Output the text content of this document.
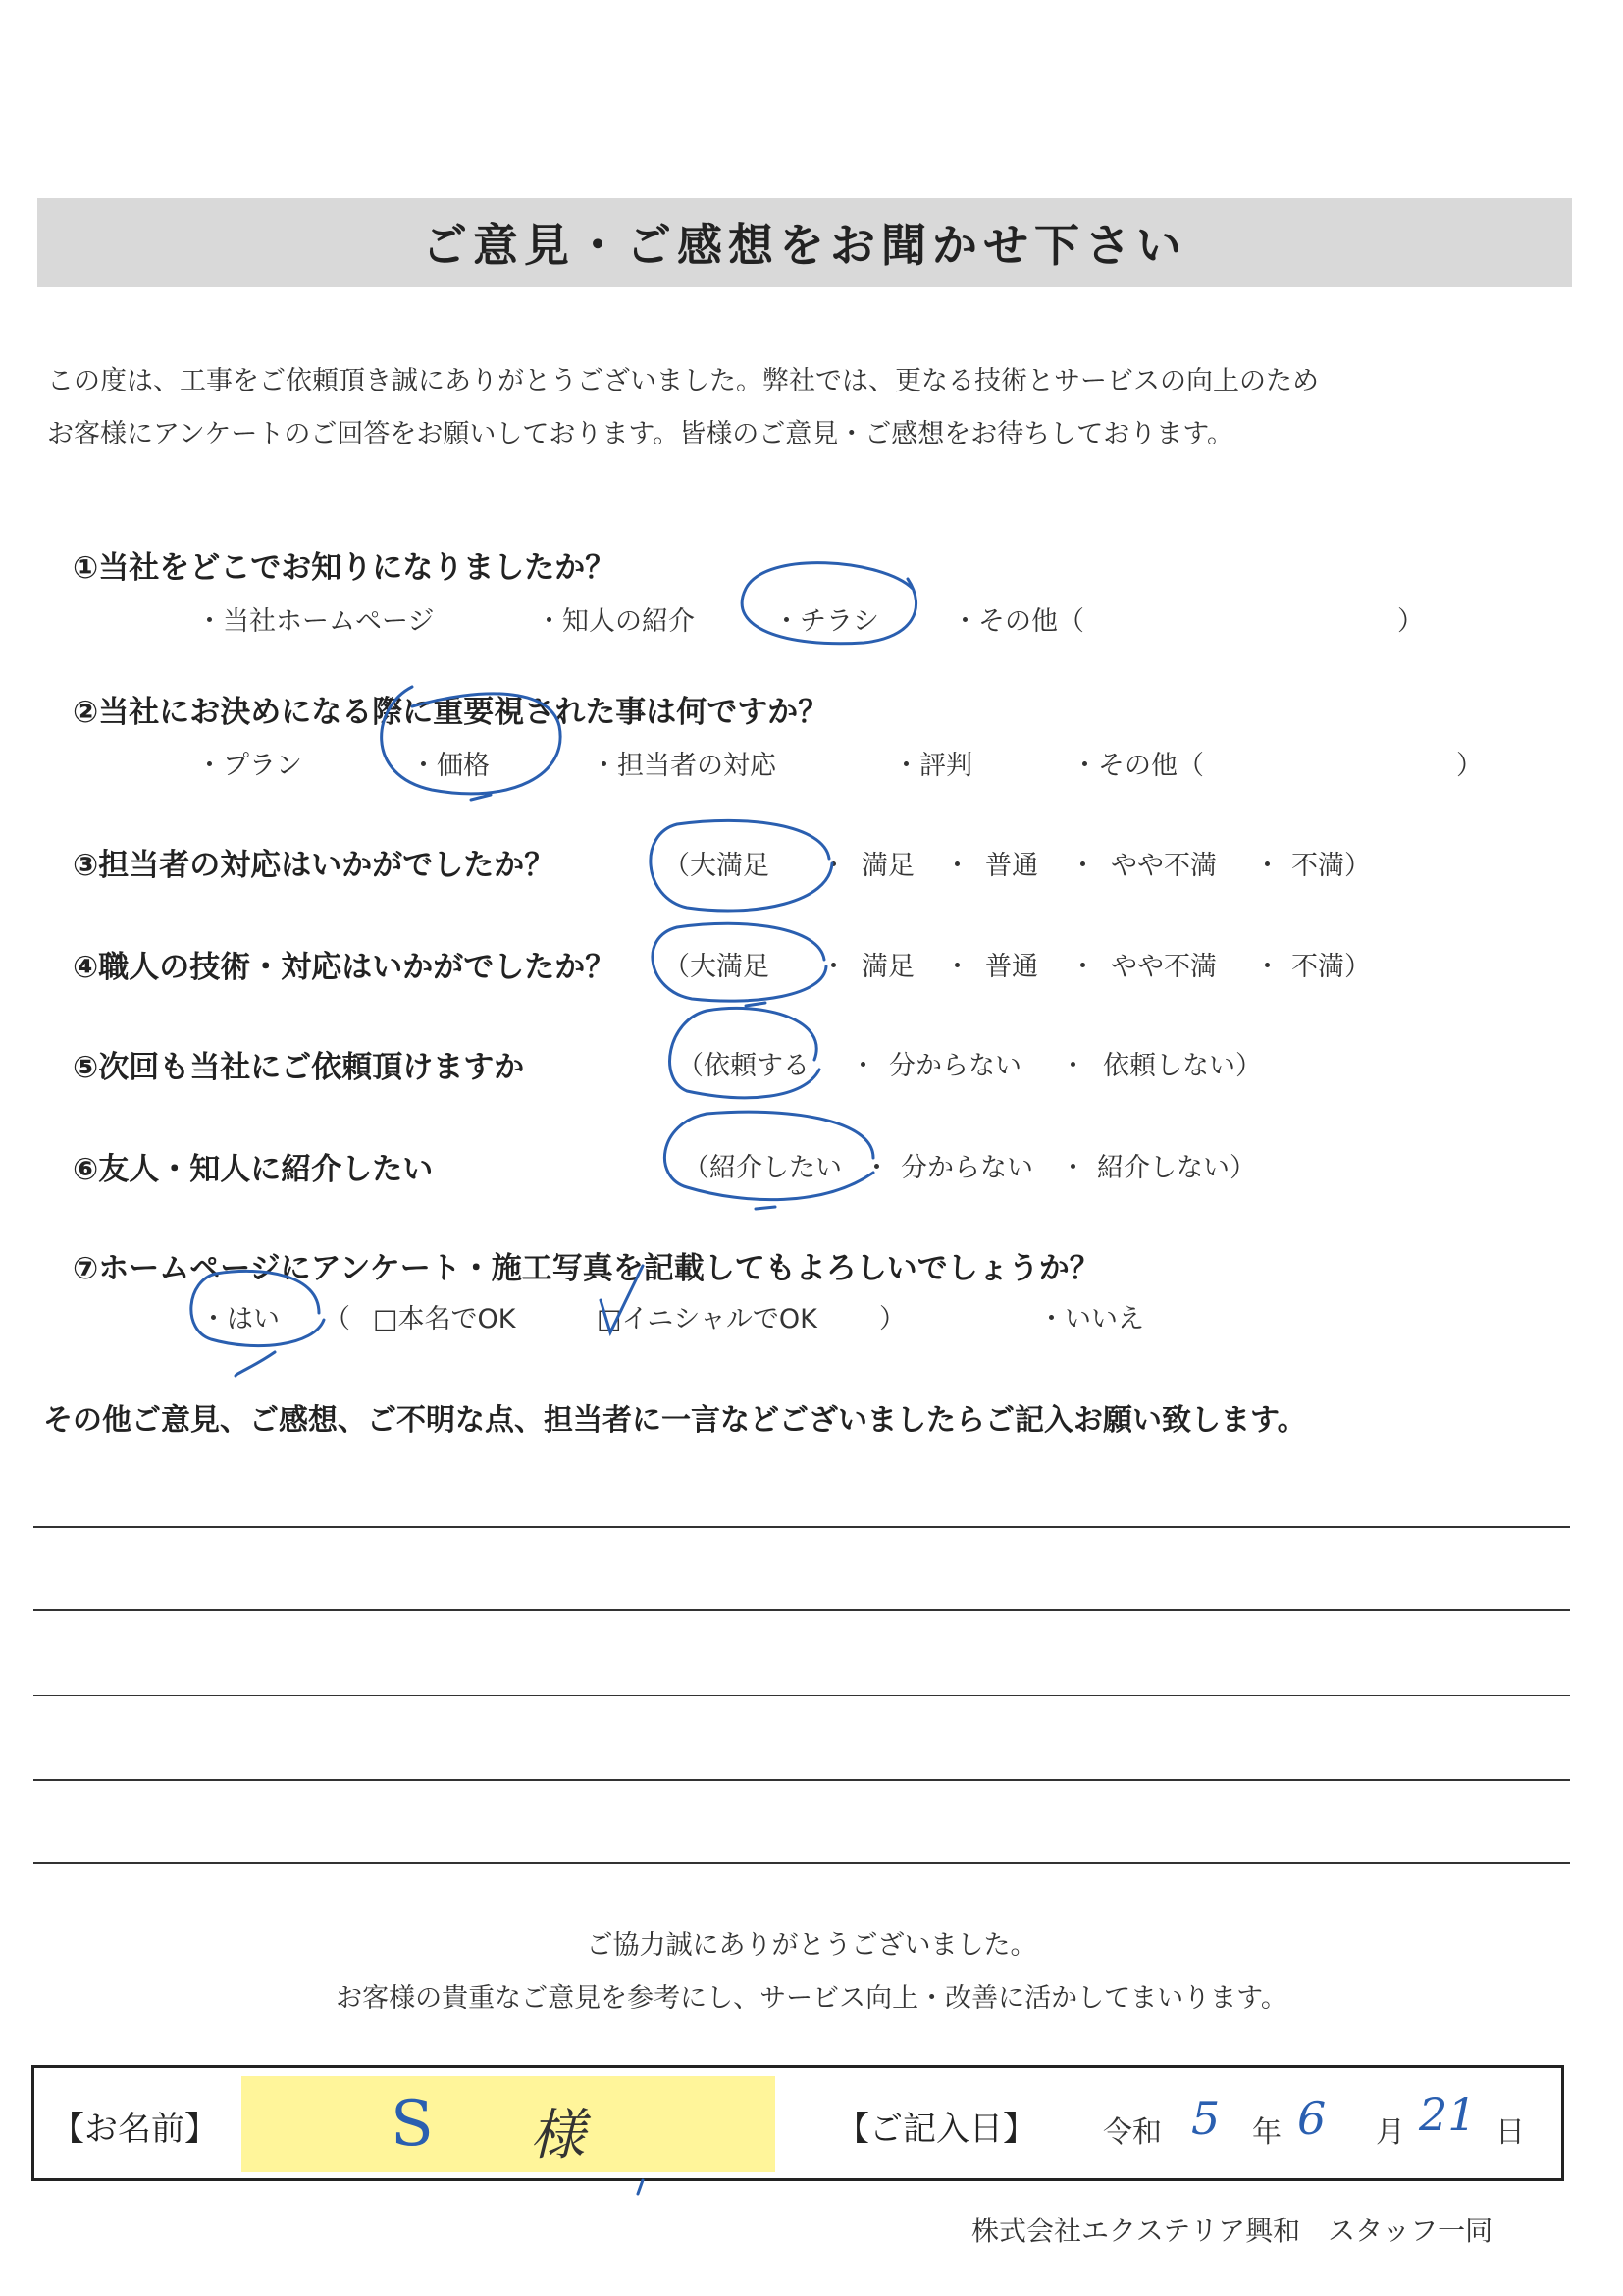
ご意見・ご感想をお聞かせ下さい
この度は、工事をご依頼頂き誠にありがとうございました。弊社では、更なる技術とサービスの向上のため
お客様にアンケートのご回答をお願いしております。皆様のご意見・ご感想をお待ちしております。
①当社をどこでお知りになりましたか？
・当社ホームページ	・知人の紹介	・チラシ	・その他（	）
②当社にお決めになる際に重要視された事は何ですか？
・プラン	・価格	・担当者の対応	・評判	・その他（	）
③担当者の対応はいかがでしたか？	（大満足 ・ 満足 ・ 普通 ・ やや不満 ・ 不満）
④職人の技術・対応はいかがでしたか？ （大満足 ・ 満足 ・ 普通 ・ やや不満 ・ 不満）
⑤次回も当社にご依頼頂けますか	（依頼する ・ 分からない ・ 依頼しない）
⑥友人・知人に紹介したい	（紹介したい ・ 分からない ・ 紹介しない）
⑦ホームページにアンケート・施工写真を記載してもよろしいでしょうか？
・はい （ □本名でOK	□イニシャルでOK ）	・いいえ
その他ご意見、ご感想、ご不明な点、担当者に一言などございましたらご記入お願い致します。
ご協力誠にありがとうございました。
お客様の貴重なご意見を参考にし、サービス向上・改善に活かしてまいります。
【お名前】	S 様	【ご記入日】 令和 5 年 6 月 21 日
株式会社エクステリア興和　スタッフ一同
